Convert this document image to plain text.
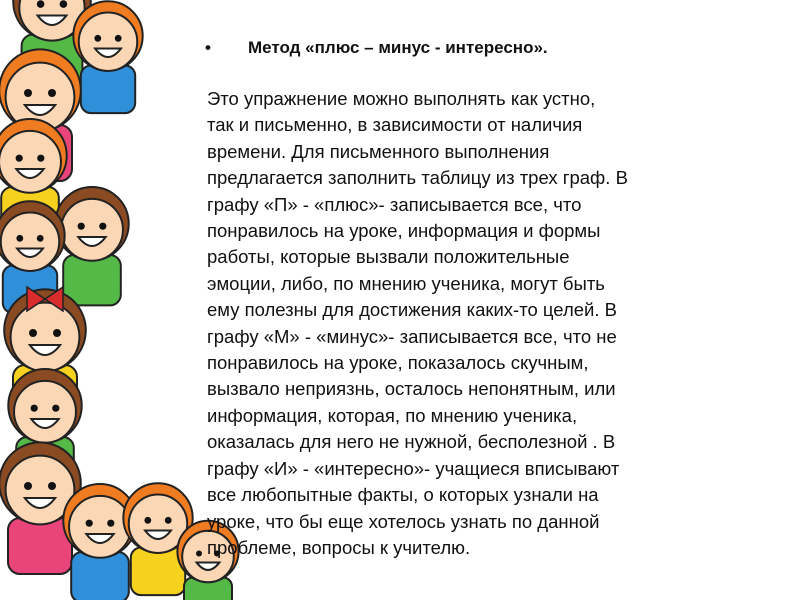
• Метод «плюс – минус - интересно».
Это упражнение можно выполнять как устно,
так и письменно, в зависимости от наличия
времени. Для письменного выполнения
предлагается заполнить таблицу из трех граф. В
графу «П» - «плюс»- записывается все, что
понравилось на уроке, информация и формы
работы, которые вызвали положительные
эмоции, либо, по мнению ученика, могут быть
ему полезны для достижения каких-то целей. В
графу «М» - «минус»- записывается все, что не
понравилось на уроке, показалось скучным,
вызвало неприязнь, осталось непонятным, или
информация, которая, по мнению ученика,
оказалась для него не нужной, бесполезной . В
графу «И» - «интересно»- учащиеся вписывают
все любопытные факты, о которых узнали на
уроке, что бы еще хотелось узнать по данной
проблеме, вопросы к учителю.
